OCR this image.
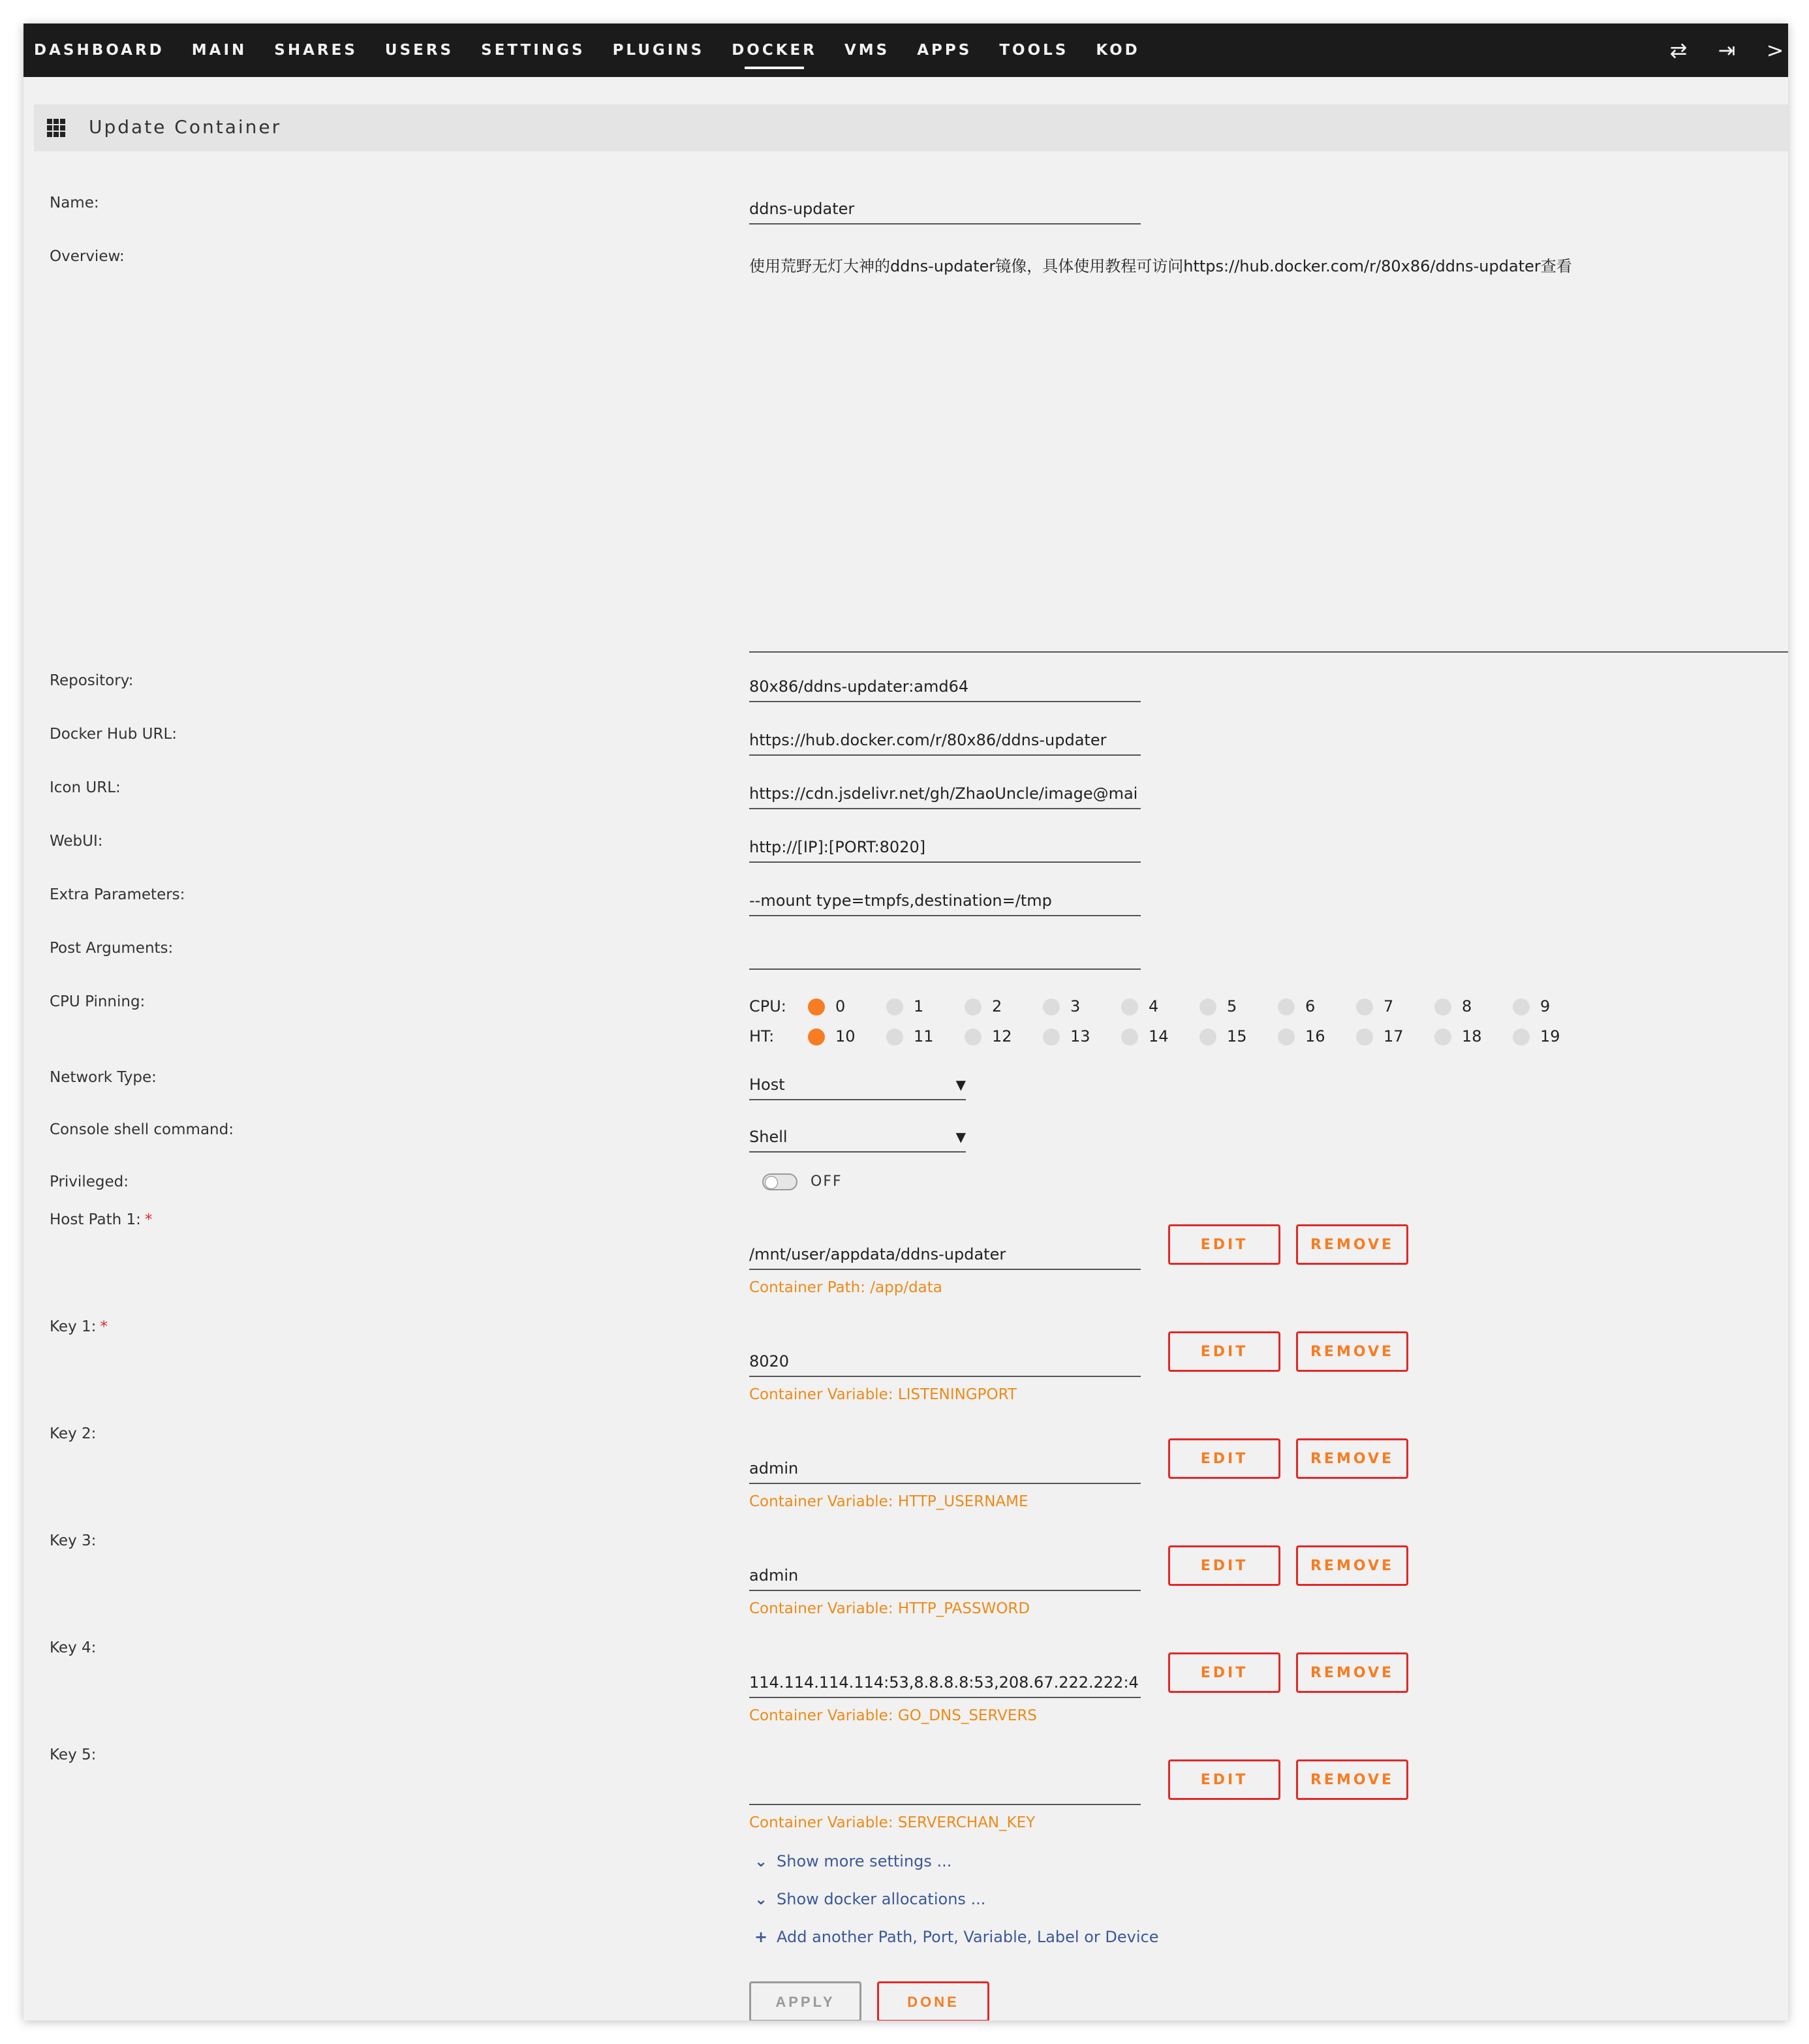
DASHBOARD MAIN SHARES USERS SETTINGS PLUGINS DOCKER VMS APPS TOOLS KOD	⇄ ⇥ >
Update Container
Name:	ddns-updater
Overview:
使用荒野无灯大神的ddns-updater镜像，具体使用教程可访问https://hub.docker.com/r/80x86/ddns-updater查看
Repository:	80x86/ddns-updater:amd64
Docker Hub URL:	https://hub.docker.com/r/80x86/ddns-updater
Icon URL:	https://cdn.jsdelivr.net/gh/ZhaoUncle/image@mai
WebUI:	http://[IP]:[PORT:8020]
Extra Parameters:	--mount type=tmpfs,destination=/tmp
Post Arguments:
CPU Pinning:	CPU:	0	1	2	3	4	5	6	7	8	9
HT:	10	11	12	13	14	15	16	17	18	19
Network Type:	Host	▼
Console shell command:	Shell	▼
Privileged:	OFF
Host Path 1: *
/mnt/user/appdata/ddns-updater
EDIT	REMOVE
Container Path: /app/data
Key 1: *
8020
EDIT	REMOVE
Container Variable: LISTENINGPORT
Key 2:
admin
EDIT	REMOVE
Container Variable: HTTP_USERNAME
Key 3:
admin
EDIT	REMOVE
Container Variable: HTTP_PASSWORD
Key 4:
114.114.114.114:53,8.8.8.8:53,208.67.222.222:4
EDIT	REMOVE
Container Variable: GO_DNS_SERVERS
Key 5:
EDIT	REMOVE
Container Variable: SERVERCHAN_KEY
⌄ Show more settings ...
⌄ Show docker allocations ...
+ Add another Path, Port, Variable, Label or Device
APPLY	DONE
